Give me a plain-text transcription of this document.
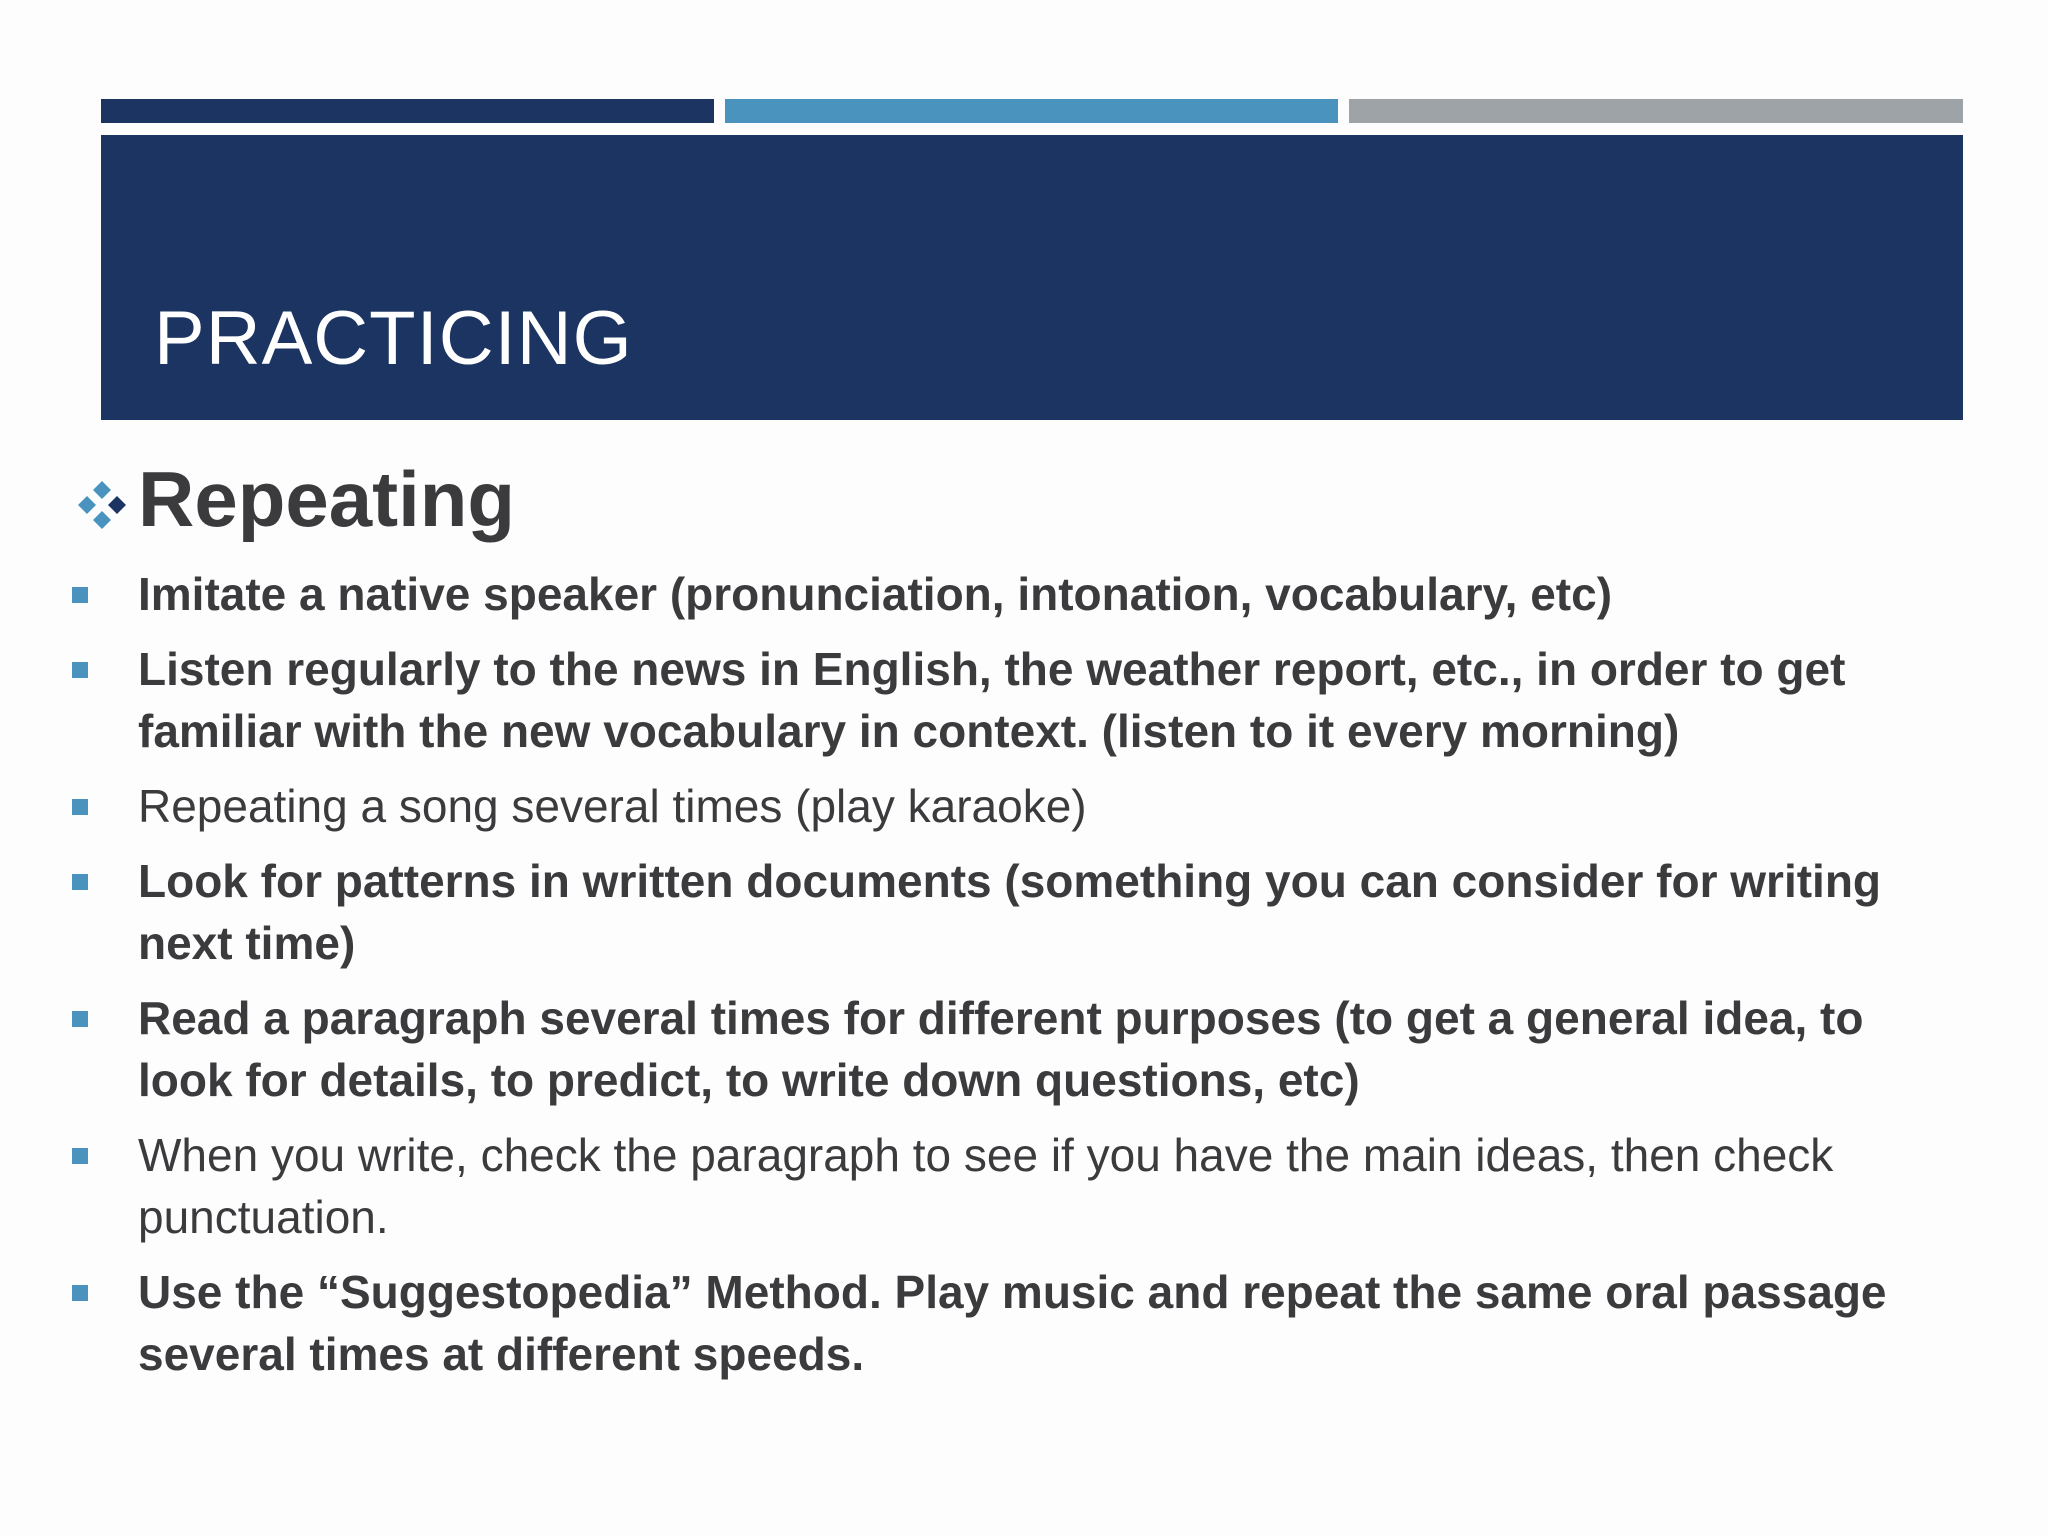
PRACTICING
Repeating
Imitate a native speaker (pronunciation, intonation, vocabulary, etc)
Listen regularly to the news in English, the weather report, etc., in order to get familiar with the new vocabulary in context. (listen to it every morning)
Repeating a song several times (play karaoke)
Look for patterns in written documents (something you can consider for writing next time)
Read a paragraph several times for different purposes (to get a general idea, to look for details, to predict, to write down questions, etc)
When you write, check the paragraph to see if you have the main ideas, then check punctuation.
Use the “Suggestopedia” Method. Play music and repeat the same oral passage several times at different speeds.
